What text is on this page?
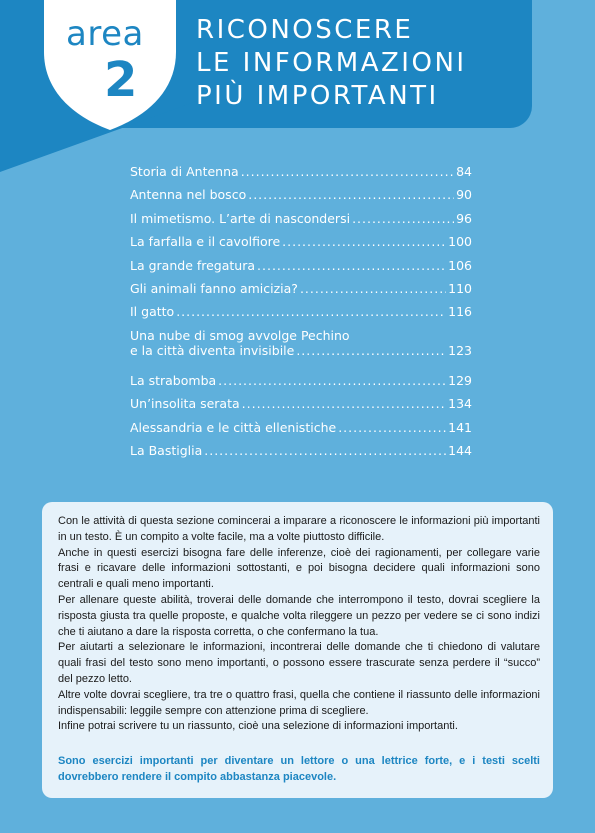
area
2
RICONOSCERE
LE INFORMAZIONI
PIÙ IMPORTANTI
Storia di Antenna .....	84
Antenna nel bosco .....	90
Il mimetismo. L’arte di nascondersi .....	96
La farfalla e il cavolfiore .....	100
La grande fregatura .....	106
Gli animali fanno amicizia? .....	110
Il gatto .....	116
Una nube di smog avvolge Pechino
e la città diventa invisibile .....	123
La strabomba .....	129
Un’insolita serata .....	134
Alessandria e le città ellenistiche .....	141
La Bastiglia .....	144

Con le attività di questa sezione comincerai a imparare a riconoscere le informazioni più importanti in un testo. È un compito a volte facile, ma a volte piuttosto difficile.

Anche in questi esercizi bisogna fare delle inferenze, cioè dei ragionamenti, per collegare varie frasi e ricavare delle informazioni sottostanti, e poi bisogna decidere quali informazioni sono centrali e quali meno importanti.

Per allenare queste abilità, troverai delle domande che interrompono il testo, dovrai scegliere la risposta giusta tra quelle proposte, e qualche volta rileggere un pezzo per vedere se ci sono indizi che ti aiutano a dare la risposta corretta, o che confermano la tua.

Per aiutarti a selezionare le informazioni, incontrerai delle domande che ti chiedono di valutare quali frasi del testo sono meno importanti, o possono essere trascurate senza perdere il “succo” del pezzo letto.

Altre volte dovrai scegliere, tra tre o quattro frasi, quella che contiene il riassunto delle informazioni indispensabili: leggile sempre con attenzione prima di scegliere.

Infine potrai scrivere tu un riassunto, cioè una selezione di informazioni importanti.

Sono esercizi importanti per diventare un lettore o una lettrice forte, e i testi scelti dovrebbero rendere il compito abbastanza piacevole.
